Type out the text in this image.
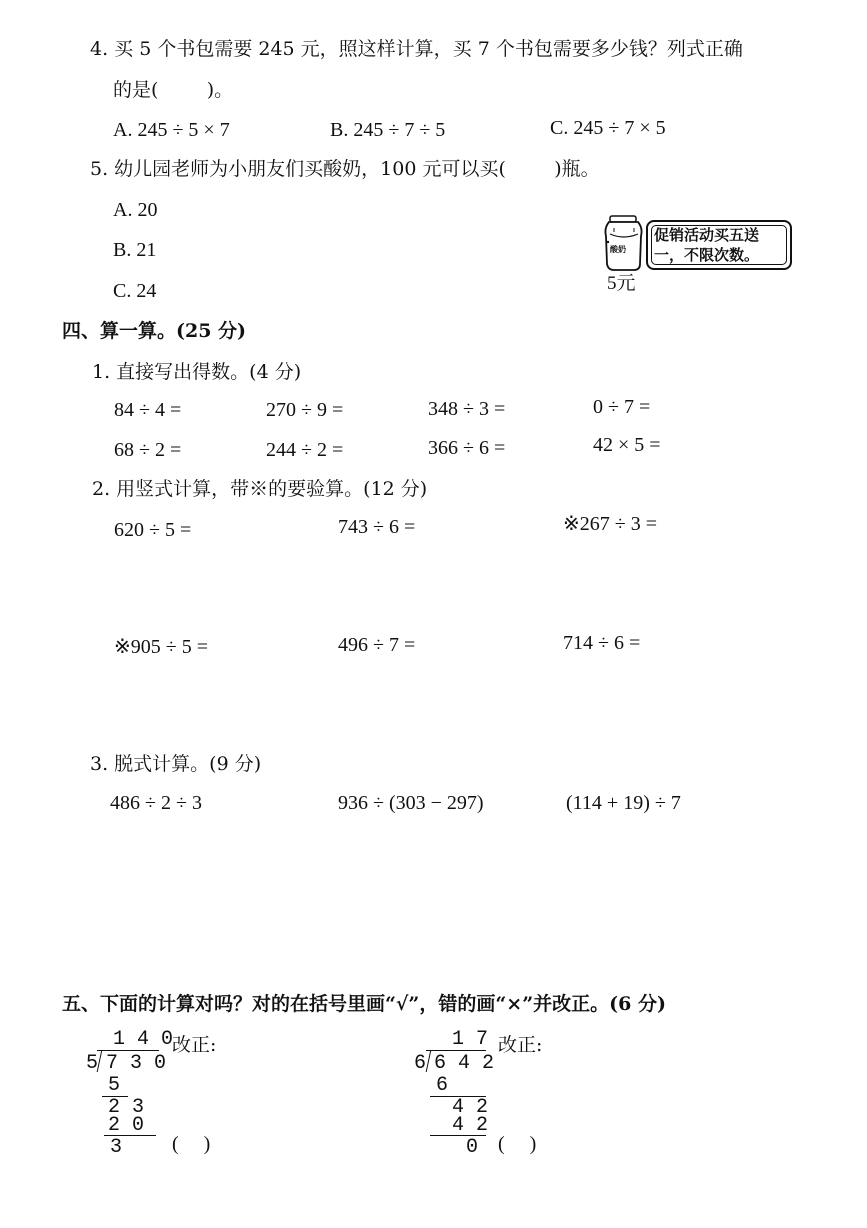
4. 买 5 个书包需要 245 元，照这样计算，买 7 个书包需要多少钱？列式正确
的是(        )。
A. 245 ÷ 5 × 7	B. 245 ÷ 7 ÷ 5	C. 245 ÷ 7 × 5
5. 幼儿园老师为小朋友们买酸奶，100 元可以买(        )瓶。
A. 20
B. 21
C. 24
酸奶
5元
促销活动买五送
一，不限次数。
四、算一算。(25 分)
1. 直接写出得数。(4 分)
84 ÷ 4 =	270 ÷ 9 =	348 ÷ 3 =	0 ÷ 7 =
68 ÷ 2 =	244 ÷ 2 =	366 ÷ 6 =	42 × 5 =
2. 用竖式计算，带※的要验算。(12 分)
620 ÷ 5 =	743 ÷ 6 =	※267 ÷ 3 =
※905 ÷ 5 =	496 ÷ 7 =	714 ÷ 6 =
3. 脱式计算。(9 分)
486 ÷ 2 ÷ 3	936 ÷ (303 − 297)	(114 + 19) ÷ 7
五、下面的计算对吗？对的在括号里画“√”，错的画“×”并改正。(6 分)
1 4 0
5 7 3 0
5
2 3
2 0
3
改正:
(     )
1 7
6 6 4 2
6
4 2
4 2
0
改正:
(     )
